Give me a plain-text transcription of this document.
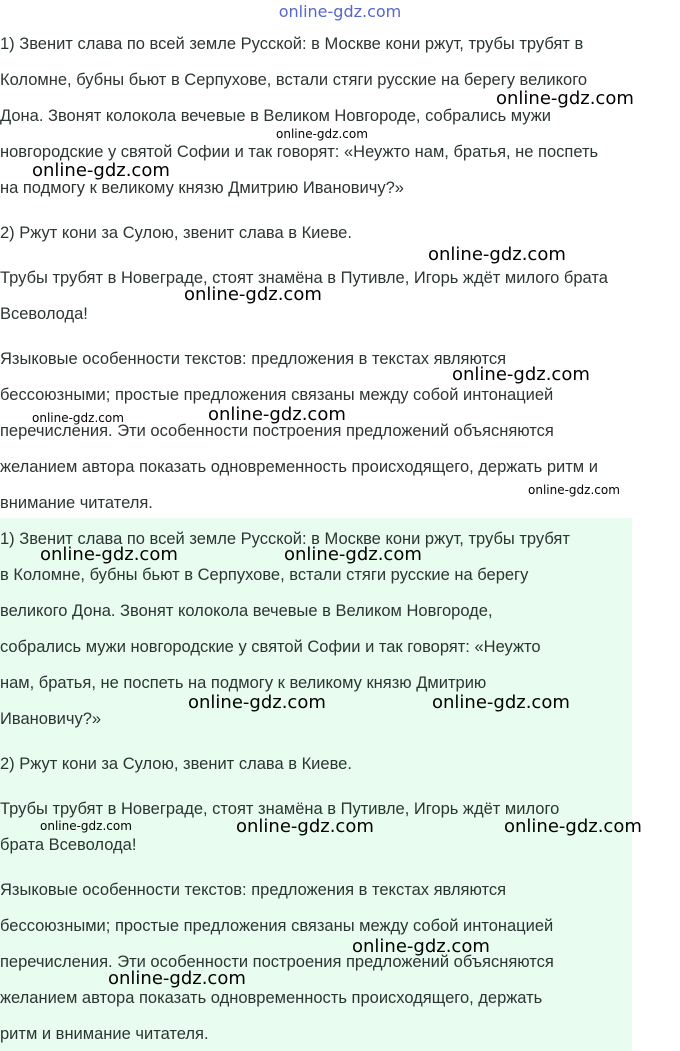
online-gdz.com
1) Звенит слава по всей земле Русской: в Москве кони ржут, трубы трубят в
Коломне, бубны бьют в Серпухове, встали стяги русские на берегу великого
Дона. Звонят колокола вечевые в Великом Новгороде, собрались мужи
новгородские у святой Софии и так говорят: «Неужто нам, братья, не поспеть
на подмогу к великому князю Дмитрию Ивановичу?»
2) Ржут кони за Сулою, звенит слава в Киеве.
Трубы трубят в Новеграде, стоят знамёна в Путивле, Игорь ждёт милого брата
Всеволода!
Языковые особенности текстов: предложения в текстах являются
бессоюзными; простые предложения связаны между собой интонацией
перечисления. Эти особенности построения предложений объясняются
желанием автора показать одновременность происходящего, держать ритм и
внимание читателя.
1) Звенит слава по всей земле Русской: в Москве кони ржут, трубы трубят
в Коломне, бубны бьют в Серпухове, встали стяги русские на берегу
великого Дона. Звонят колокола вечевые в Великом Новгороде,
собрались мужи новгородские у святой Софии и так говорят: «Неужто
нам, братья, не поспеть на подмогу к великому князю Дмитрию
Ивановичу?»
2) Ржут кони за Сулою, звенит слава в Киеве.
Трубы трубят в Новеграде, стоят знамёна в Путивле, Игорь ждёт милого
брата Всеволода!
Языковые особенности текстов: предложения в текстах являются
бессоюзными; простые предложения связаны между собой интонацией
перечисления. Эти особенности построения предложений объясняются
желанием автора показать одновременность происходящего, держать
ритм и внимание читателя.
online-gdz.com
online-gdz.com
online-gdz.com
online-gdz.com
online-gdz.com
online-gdz.com
online-gdz.com
online-gdz.com
online-gdz.com
online-gdz.com	online-gdz.com
online-gdz.com	online-gdz.com
online-gdz.com	online-gdz.com	online-gdz.com
online-gdz.com
online-gdz.com
